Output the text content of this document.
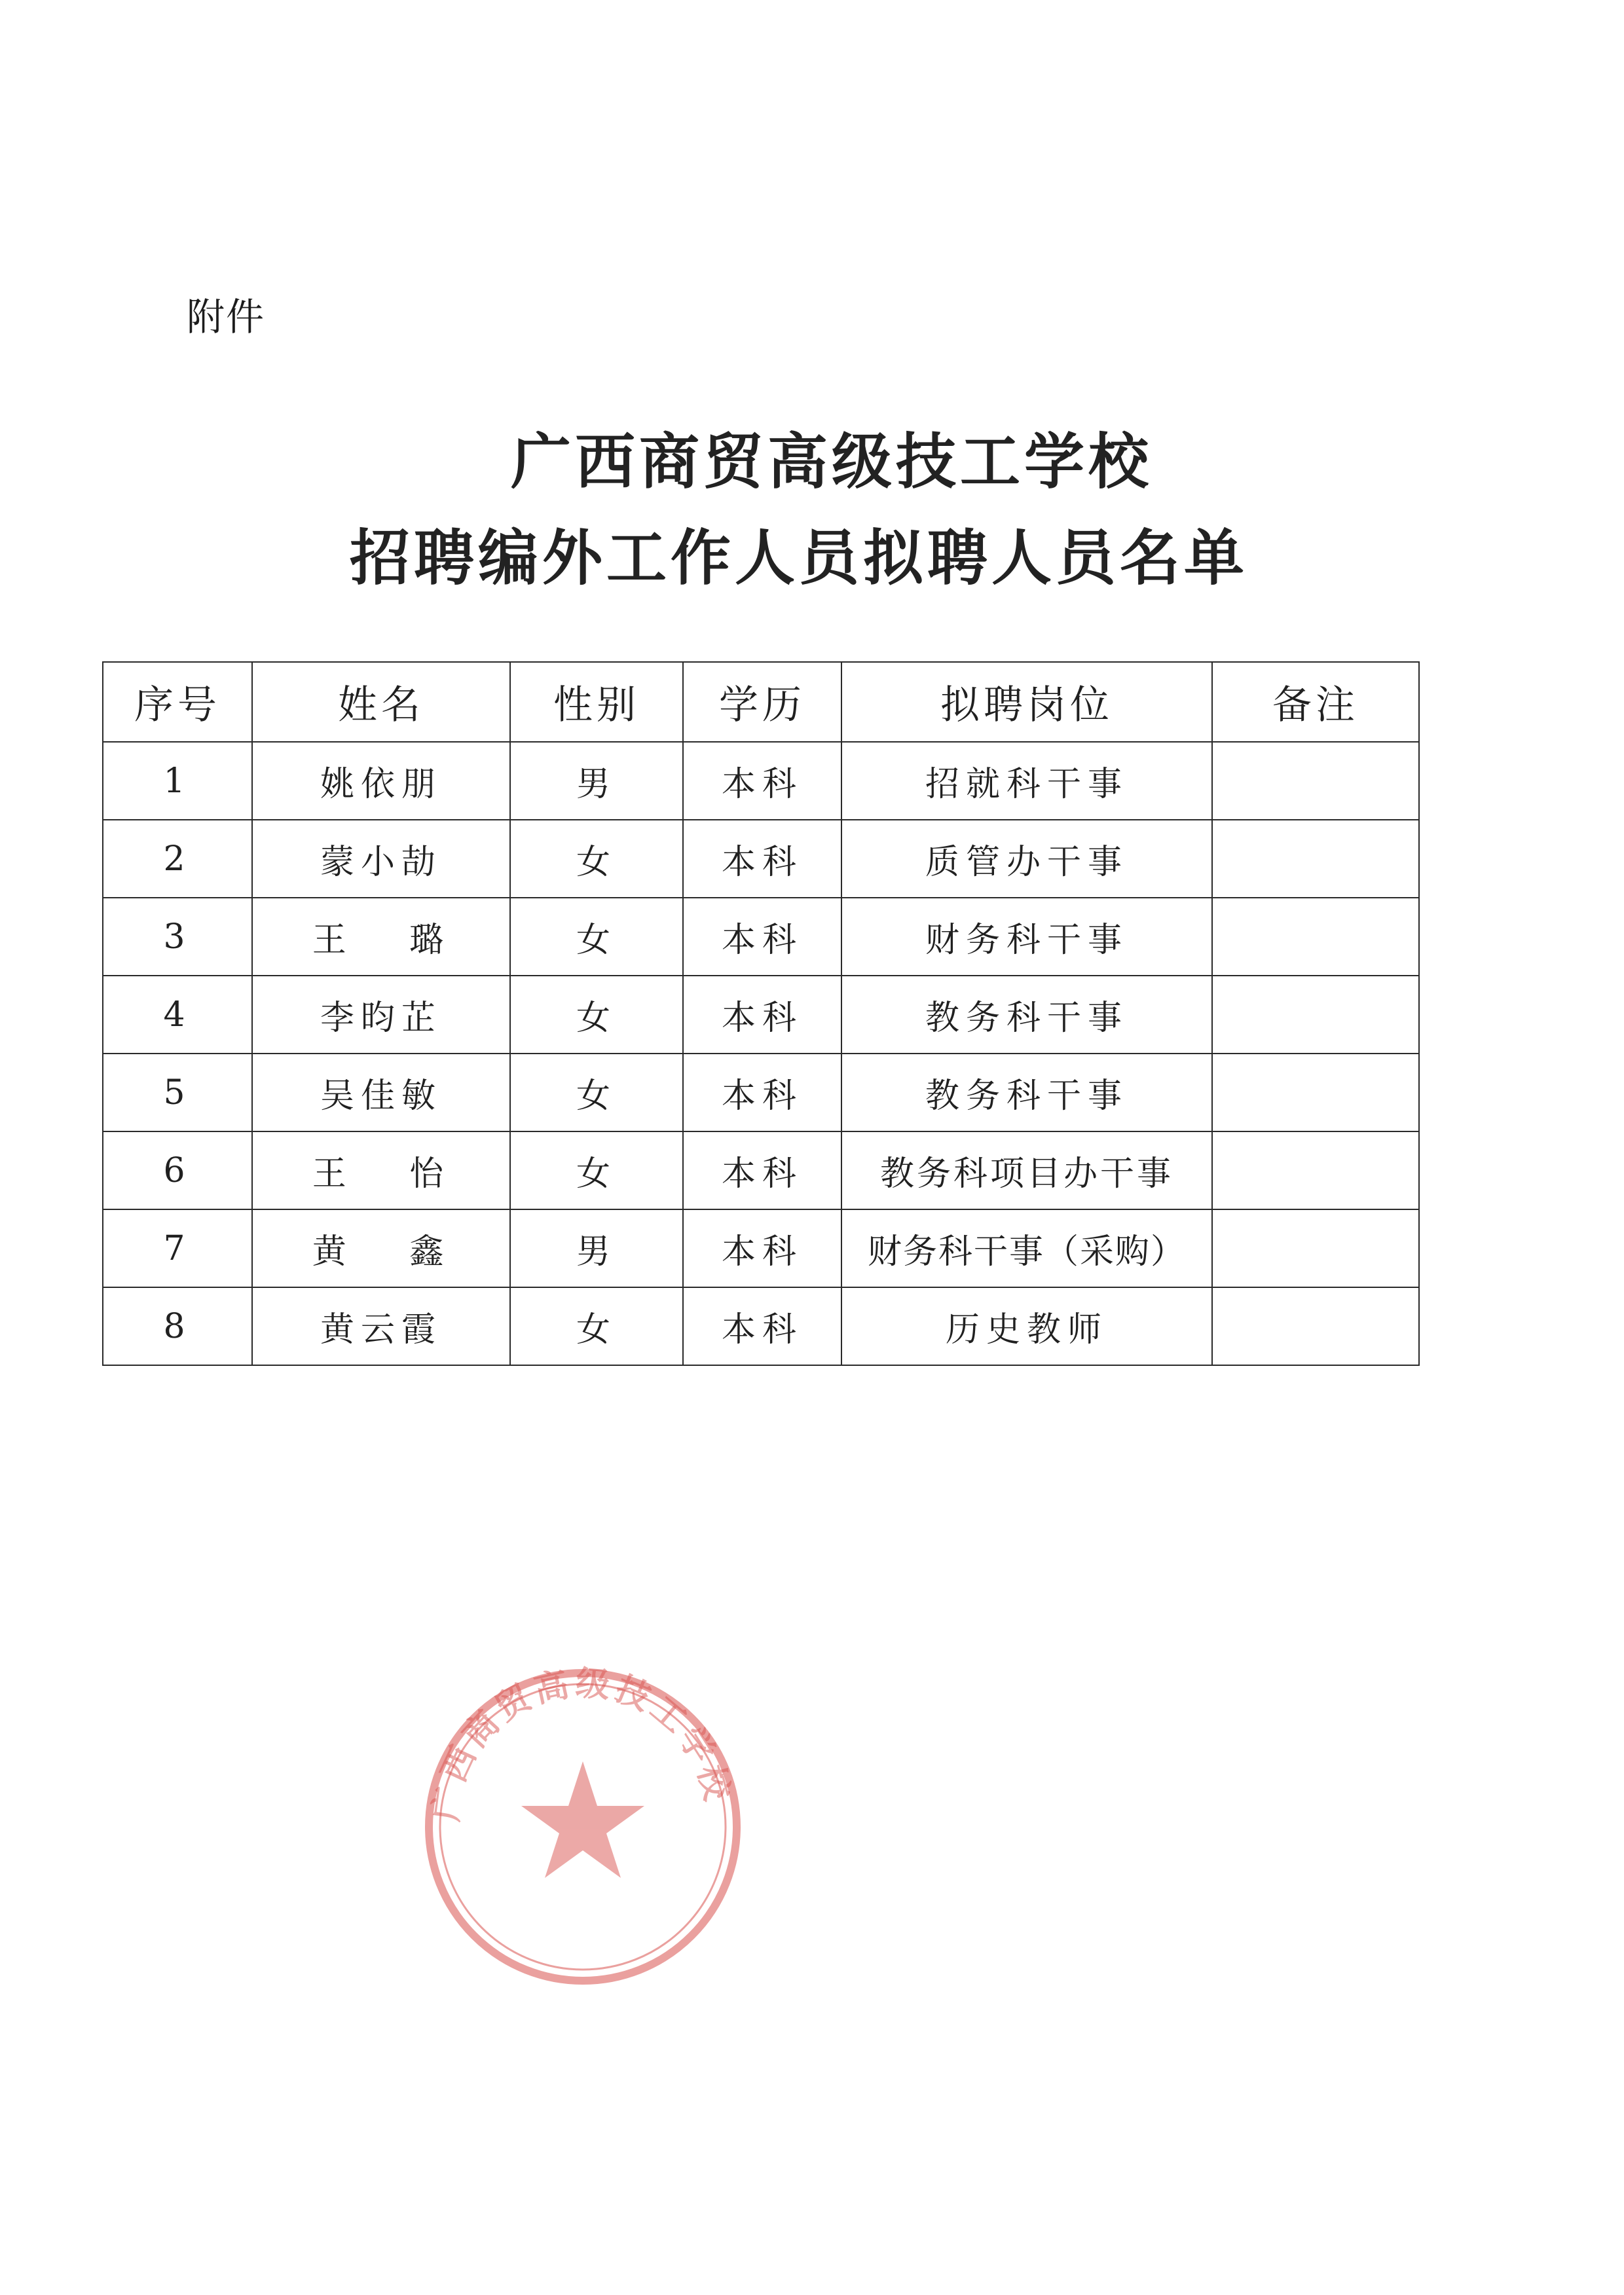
附件
广西商贸高级技工学校
招聘编外工作人员拟聘人员名单
序号	姓名	性别	学历	拟聘岗位	备注
1	姚依朋	男	本科	招就科干事	
2	蒙小劼	女	本科	质管办干事	
3	王 璐	女	本科	财务科干事	
4	李昀芷	女	本科	教务科干事	
5	吴佳敏	女	本科	教务科干事	
6	王 怡	女	本科	教务科项目办干事	
7	黄 鑫	男	本科	财务科干事（采购）	
8	黄云霞	女	本科	历史教师	
广西商贸高级技工学校
